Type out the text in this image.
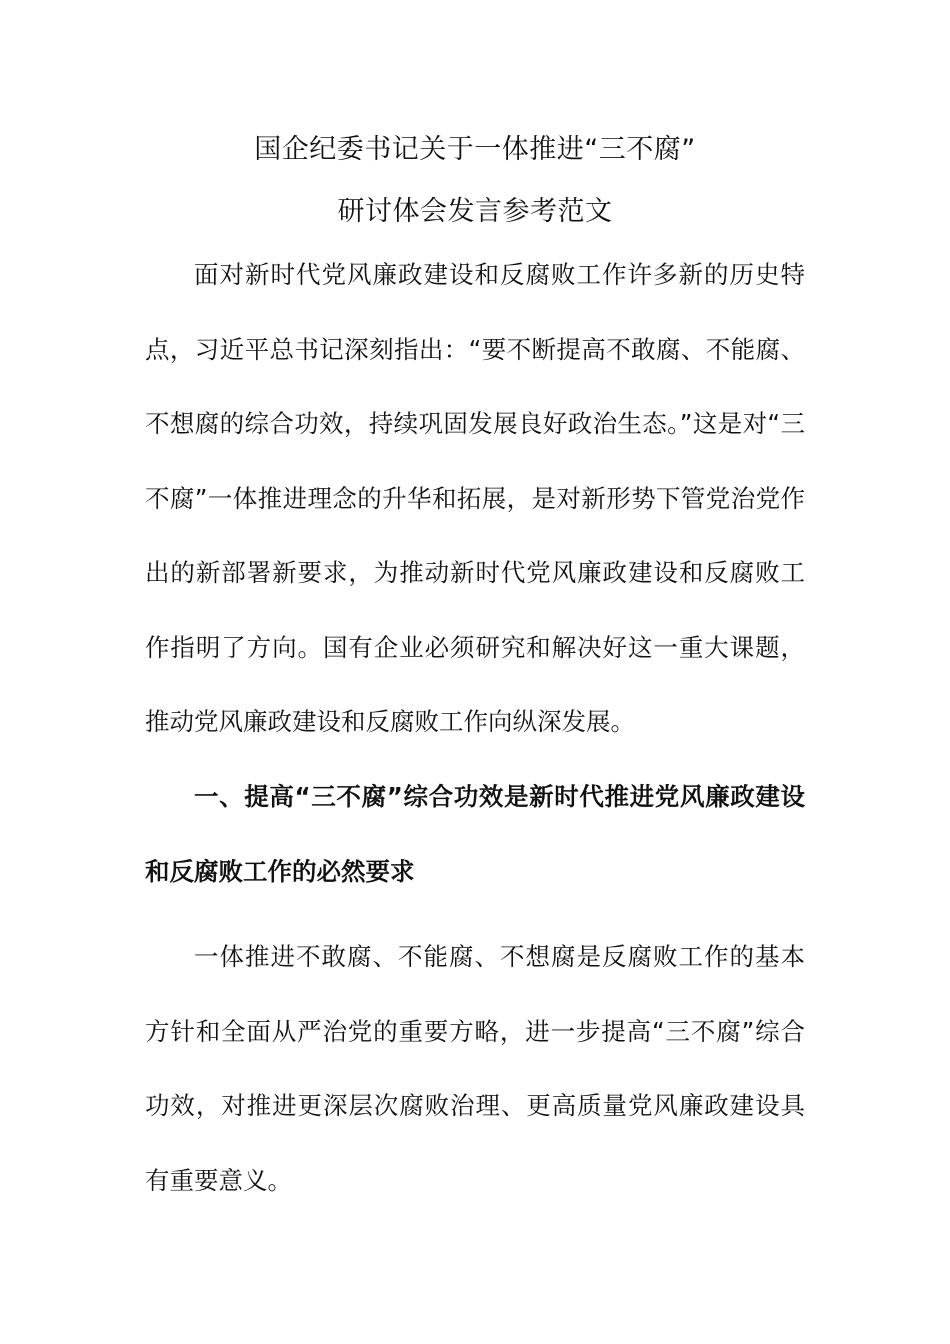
国企纪委书记关于一体推进“三不腐”
研讨体会发言参考范文

面对新时代党风廉政建设和反腐败工作许多新的历史特点，习近平总书记深刻指出：“要不断提高不敢腐、不能腐、不想腐的综合功效，持续巩固发展良好政治生态。”这是对“三不腐”一体推进理念的升华和拓展，是对新形势下管党治党作出的新部署新要求，为推动新时代党风廉政建设和反腐败工作指明了方向。国有企业必须研究和解决好这一重大课题，推动党风廉政建设和反腐败工作向纵深发展。

一、提高“三不腐”综合功效是新时代推进党风廉政建设和反腐败工作的必然要求

一体推进不敢腐、不能腐、不想腐是反腐败工作的基本方针和全面从严治党的重要方略，进一步提高“三不腐”综合功效，对推进更深层次腐败治理、更高质量党风廉政建设具有重要意义。
